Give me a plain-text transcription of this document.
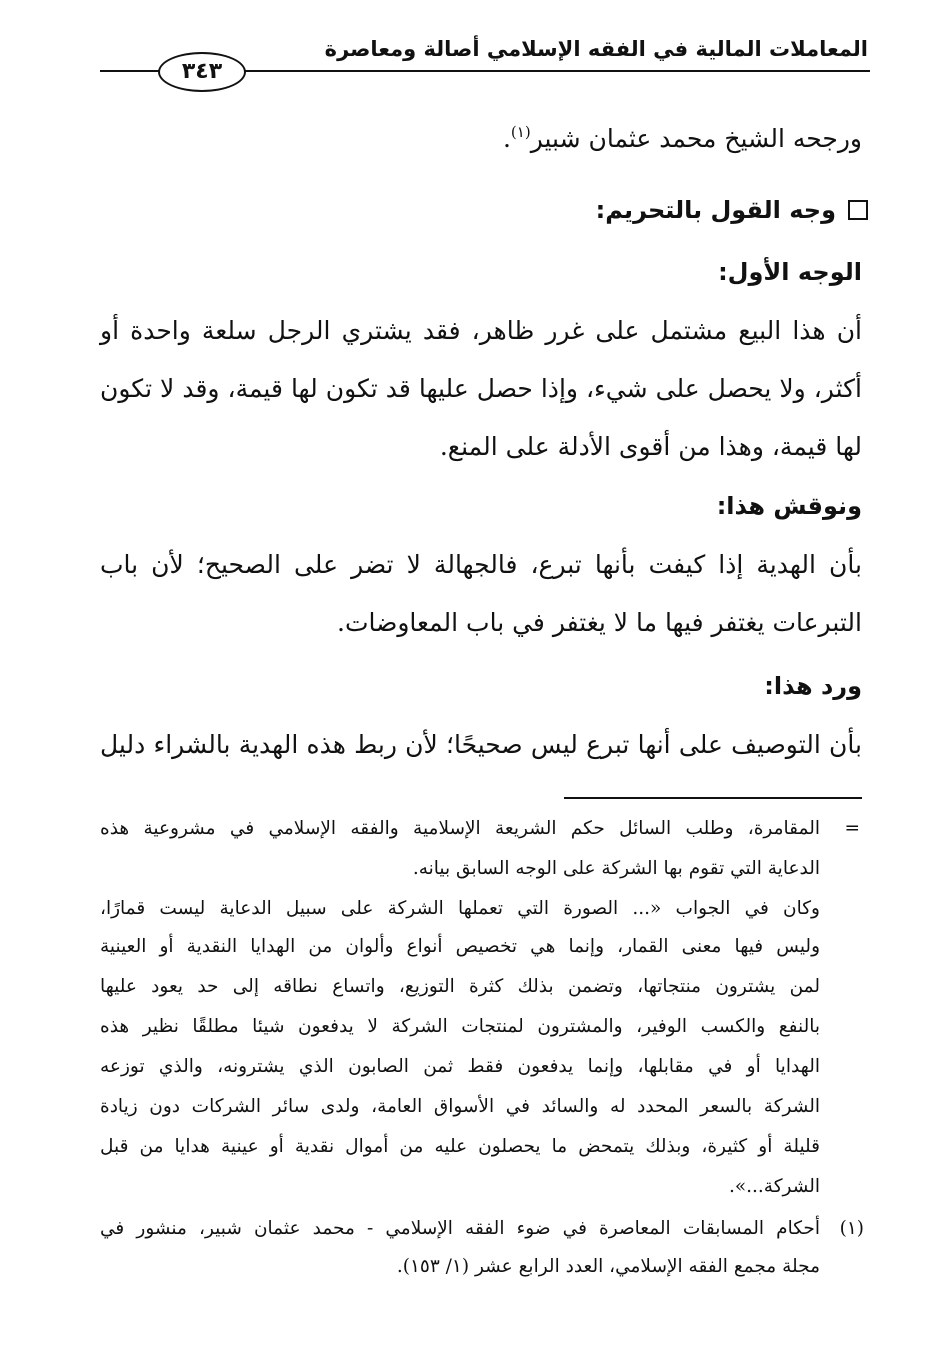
المعاملات المالية في الفقه الإسلامي أصالة ومعاصرة
٣٤٣
ورجحه الشيخ محمد عثمان شبير$^{(١)}$.
وجه القول بالتحريم:
الوجه الأول:
أن هذا البيع مشتمل على غرر ظاهر، فقد يشتري الرجل سلعة واحدة أو
أكثر، ولا يحصل على شيء، وإذا حصل عليها قد تكون لها قيمة، وقد لا تكون
لها قيمة، وهذا من أقوى الأدلة على المنع.
ونوقش هذا:
بأن الهدية إذا كيفت بأنها تبرع، فالجهالة لا تضر على الصحيح؛ لأن باب
التبرعات يغتفر فيها ما لا يغتفر في باب المعاوضات.
ورد هذا:
بأن التوصيف على أنها تبرع ليس صحيحًا؛ لأن ربط هذه الهدية بالشراء دليل
=
المقامرة، وطلب السائل حكم الشريعة الإسلامية والفقه الإسلامي في مشروعية هذه
الدعاية التي تقوم بها الشركة على الوجه السابق بيانه.
وكان في الجواب «... الصورة التي تعملها الشركة على سبيل الدعاية ليست قمارًا،
وليس فيها معنى القمار، وإنما هي تخصيص أنواع وألوان من الهدايا النقدية أو العينية
لمن يشترون منتجاتها، وتضمن بذلك كثرة التوزيع، واتساع نطاقه إلى حد يعود عليها
بالنفع والكسب الوفير، والمشترون لمنتجات الشركة لا يدفعون شيئا مطلقًا نظير هذه
الهدايا أو في مقابلها، وإنما يدفعون فقط ثمن الصابون الذي يشترونه، والذي توزعه
الشركة بالسعر المحدد له والسائد في الأسواق العامة، ولدى سائر الشركات دون زيادة
قليلة أو كثيرة، وبذلك يتمحض ما يحصلون عليه من أموال نقدية أو عينية هدايا من قبل
الشركة...».
(١)
أحكام المسابقات المعاصرة في ضوء الفقه الإسلامي - محمد عثمان شبير، منشور في
مجلة مجمع الفقه الإسلامي، العدد الرابع عشر (١/ ١٥٣).
